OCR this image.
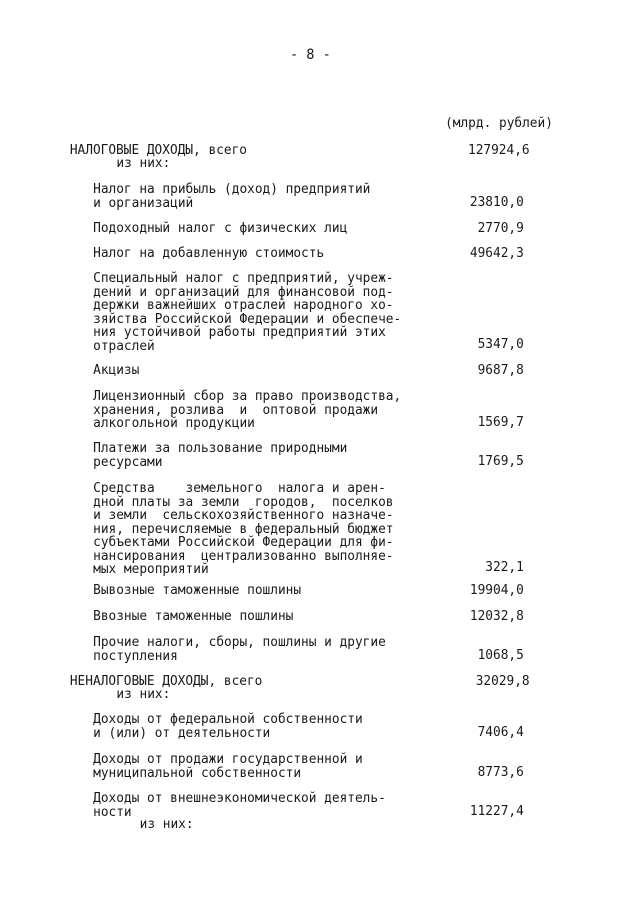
- 8 -
(млрд. рублей)
НАЛОГОВЫЕ ДОХОДЫ, всего	127924,6
из них:
Налог на прибыль (доход) предприятий
и организаций	23810,0
Подоходный налог с физических лиц	2770,9
Налог на добавленную стоимость	49642,3
Специальный налог с предприятий, учреж-
дений и организаций для финансовой под-
держки важнейших отраслей народного хо-
зяйства Российской Федерации и обеспече-
ния устойчивой работы предприятий этих
отраслей	5347,0
Акцизы	9687,8
Лицензионный сбор за право производства,
хранения, розлива  и  оптовой продажи
алкогольной продукции	1569,7
Платежи за пользование природными
ресурсами	1769,5
Средства    земельного  налога и арен-
дной платы за земли  городов,  поселков
и земли  сельскохозяйственного назначе-
ния, перечисляемые в федеральный бюджет
субъектами Российской Федерации для фи-
нансирования  централизованно выполняе-
мых мероприятий	322,1
Вывозные таможенные пошлины	19904,0
Ввозные таможенные пошлины	12032,8
Прочие налоги, сборы, пошлины и другие
поступления	1068,5
НЕНАЛОГОВЫЕ ДОХОДЫ, всего	32029,8
из них:
Доходы от федеральной собственности
и (или) от деятельности	7406,4
Доходы от продажи государственной и
муниципальной собственности	8773,6
Доходы от внешнеэкономической деятель-
ности	11227,4
из них:
